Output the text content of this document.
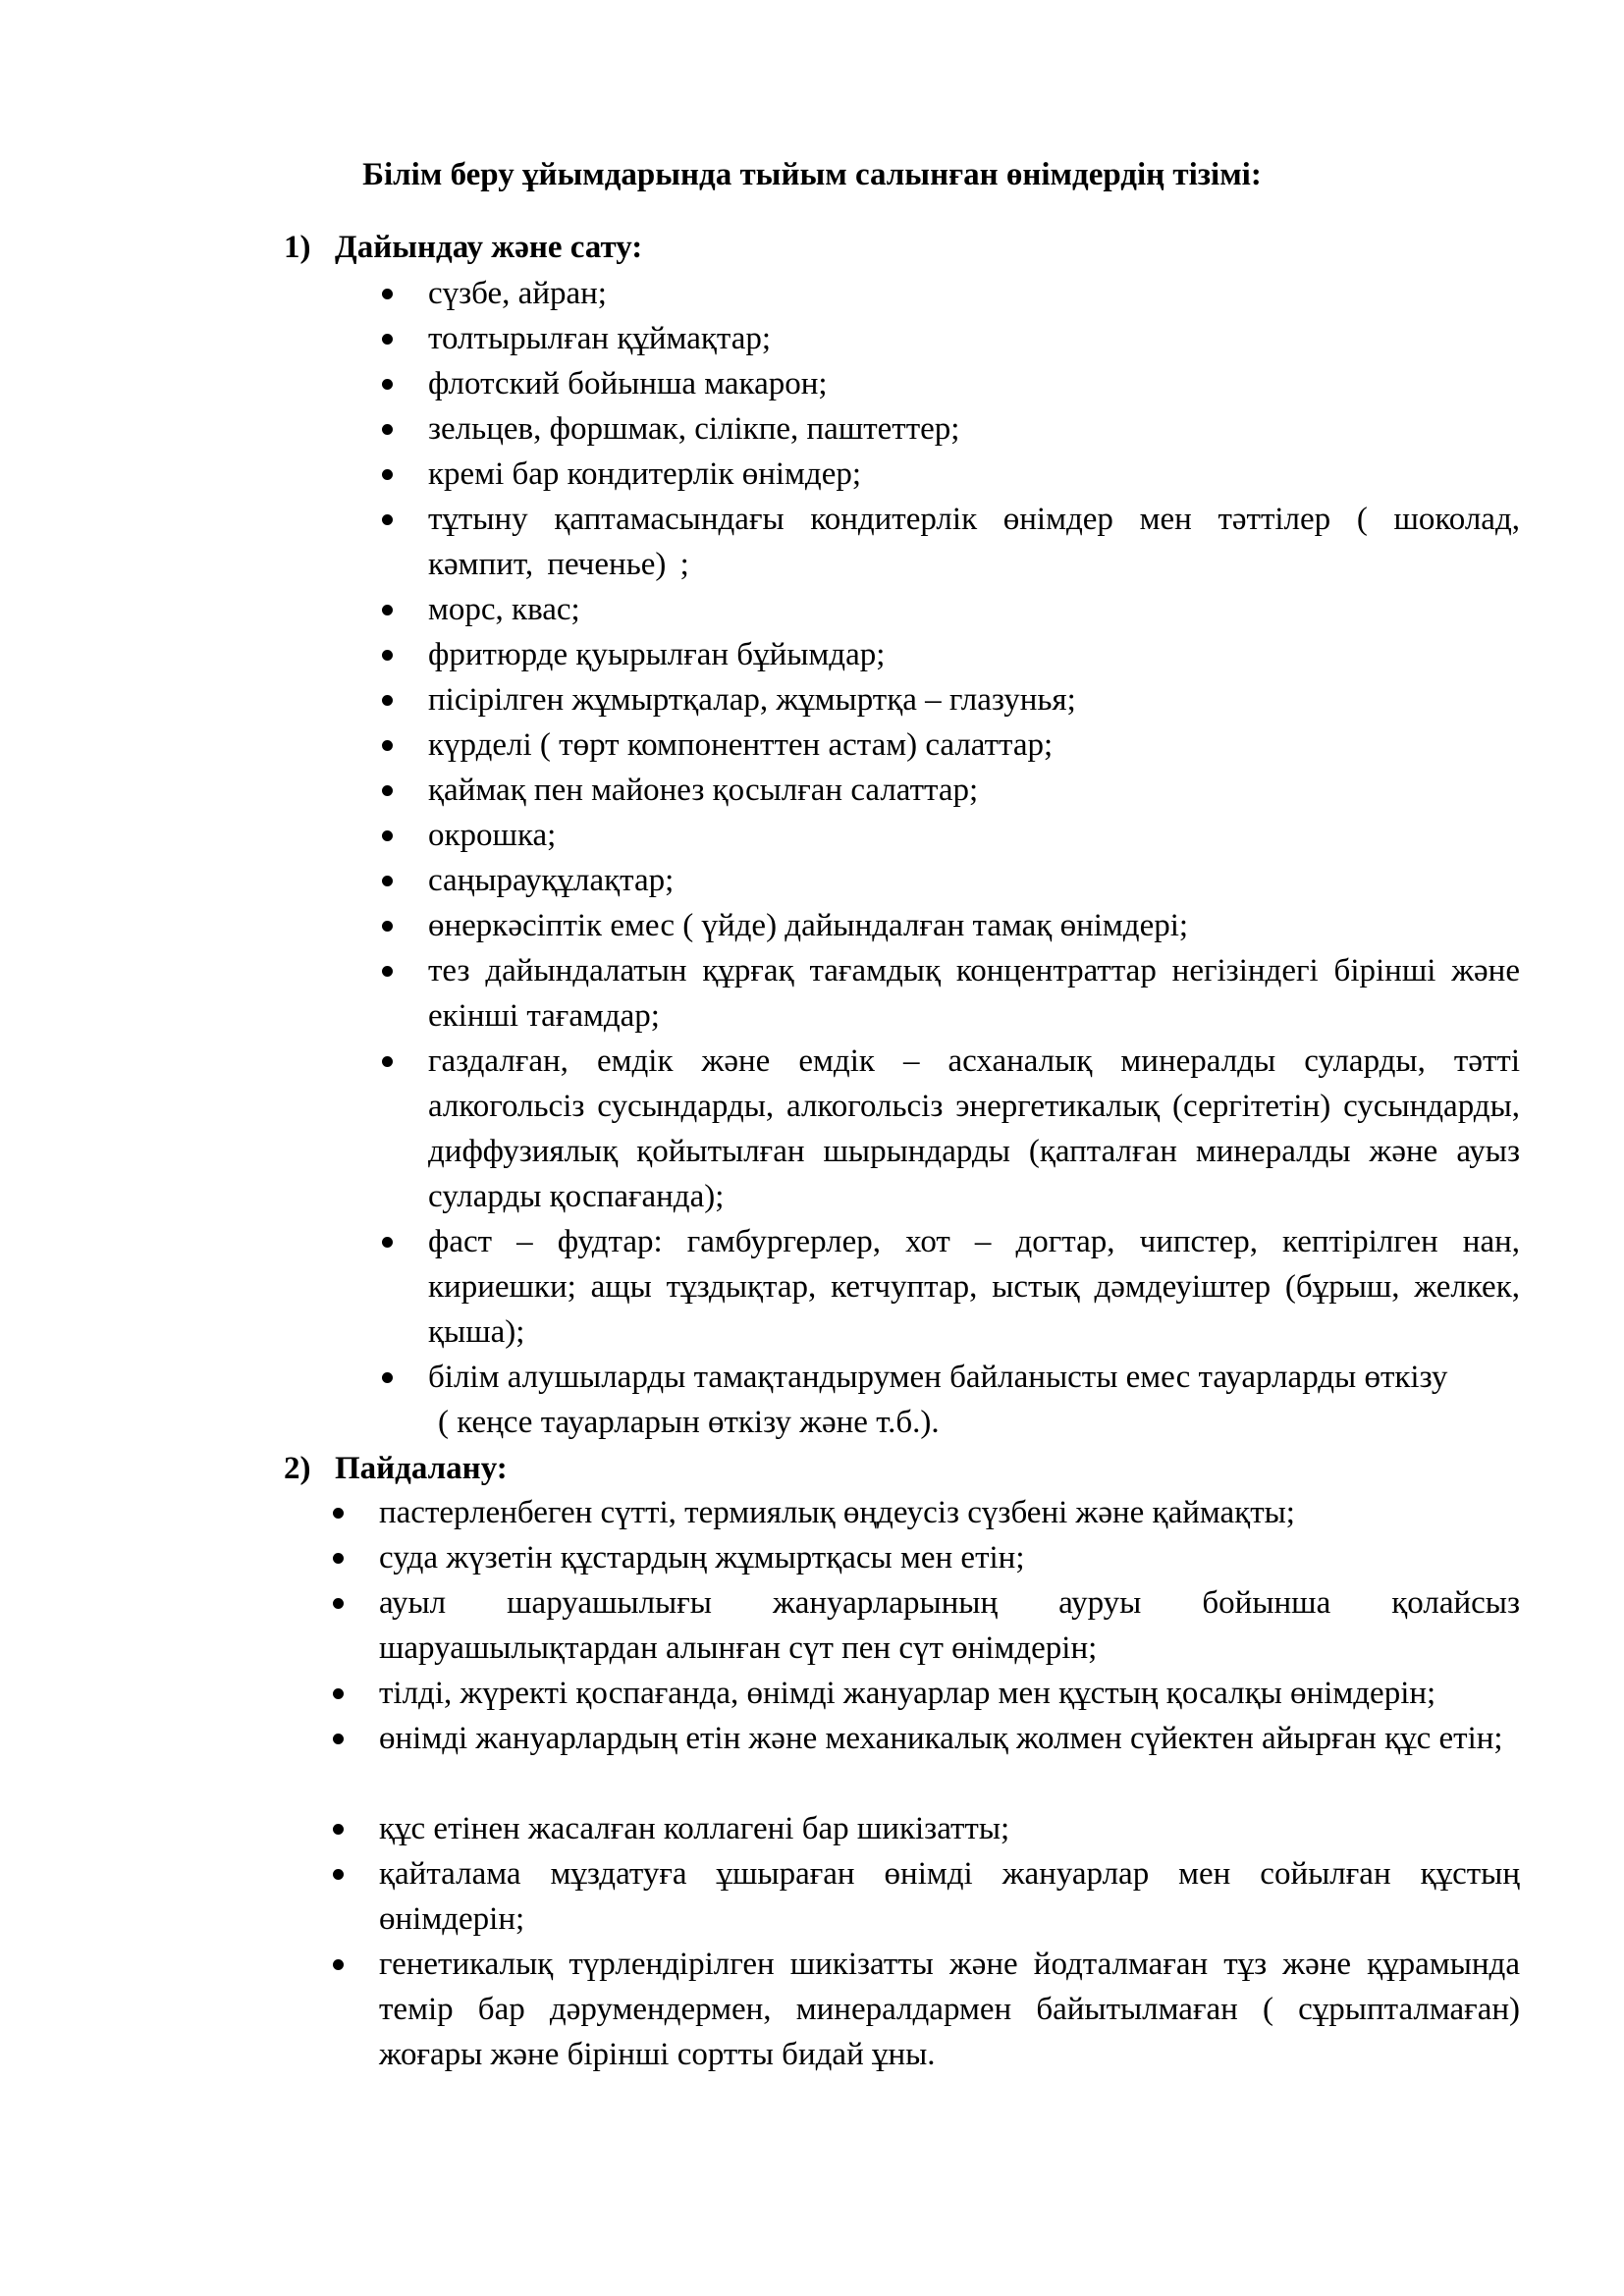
Білім беру ұйымдарында тыйым салынған өнімдердің тізімі:
1) Дайындау және сату:
сүзбе, айран;
толтырылған құймақтар;
флотский бойынша макарон;
зельцев, форшмак, сілікпе, паштеттер;
кремі бар кондитерлік өнімдер;
тұтыну қаптамасындағы кондитерлік өнімдер мен тәттілер ( шоколад, кәмпит, печенье) ;
морс, квас;
фритюрде қуырылған бұйымдар;
пісірілген жұмыртқалар, жұмыртқа – глазунья;
күрделі ( төрт компоненттен астам) салаттар;
қаймақ пен майонез қосылған салаттар;
окрошка;
саңырауқұлақтар;
өнеркәсіптік емес ( үйде) дайындалған тамақ өнімдері;
тез дайындалатын құрғақ тағамдық концентраттар негізіндегі бірінші және екінші тағамдар;
газдалған, емдік және емдік – асханалық минералды суларды, тәтті алкогольсіз сусындарды, алкогольсіз энергетикалық (сергітетін) сусындарды, диффузиялық қойытылған шырындарды (қапталған минералды және ауыз суларды қоспағанда);
фаст – фудтар: гамбургерлер, хот – догтар, чипстер, кептірілген нан, кириешки; ащы тұздықтар, кетчуптар, ыстық дәмдеуіштер (бұрыш, желкек, қыша);
білім алушыларды тамақтандырумен байланысты емес тауарларды өткізу
( кеңсе тауарларын өткізу және т.б.).
2) Пайдалану:
пастерленбеген сүтті, термиялық өңдеусіз сүзбені және қаймақты;
суда жүзетін құстардың жұмыртқасы мен етін;
ауыл шаруашылығы жануарларының ауруы бойынша қолайсыз шаруашылықтардан алынған сүт пен сүт өнімдерін;
тілді, жүректі қоспағанда, өнімді жануарлар мен құстың қосалқы өнімдерін;
өнімді жануарлардың етін және механикалық жолмен сүйектен айырған құс етін;
құс етінен жасалған коллагені бар шикізатты;
қайталама мұздатуға ұшыраған өнімді жануарлар мен сойылған құстың өнімдерін;
генетикалық түрлендірілген шикізатты және йодталмаған тұз және құрамында темір бар дәрумендермен, минералдармен байытылмаған ( сұрыпталмаған) жоғары және бірінші сортты бидай ұны.
